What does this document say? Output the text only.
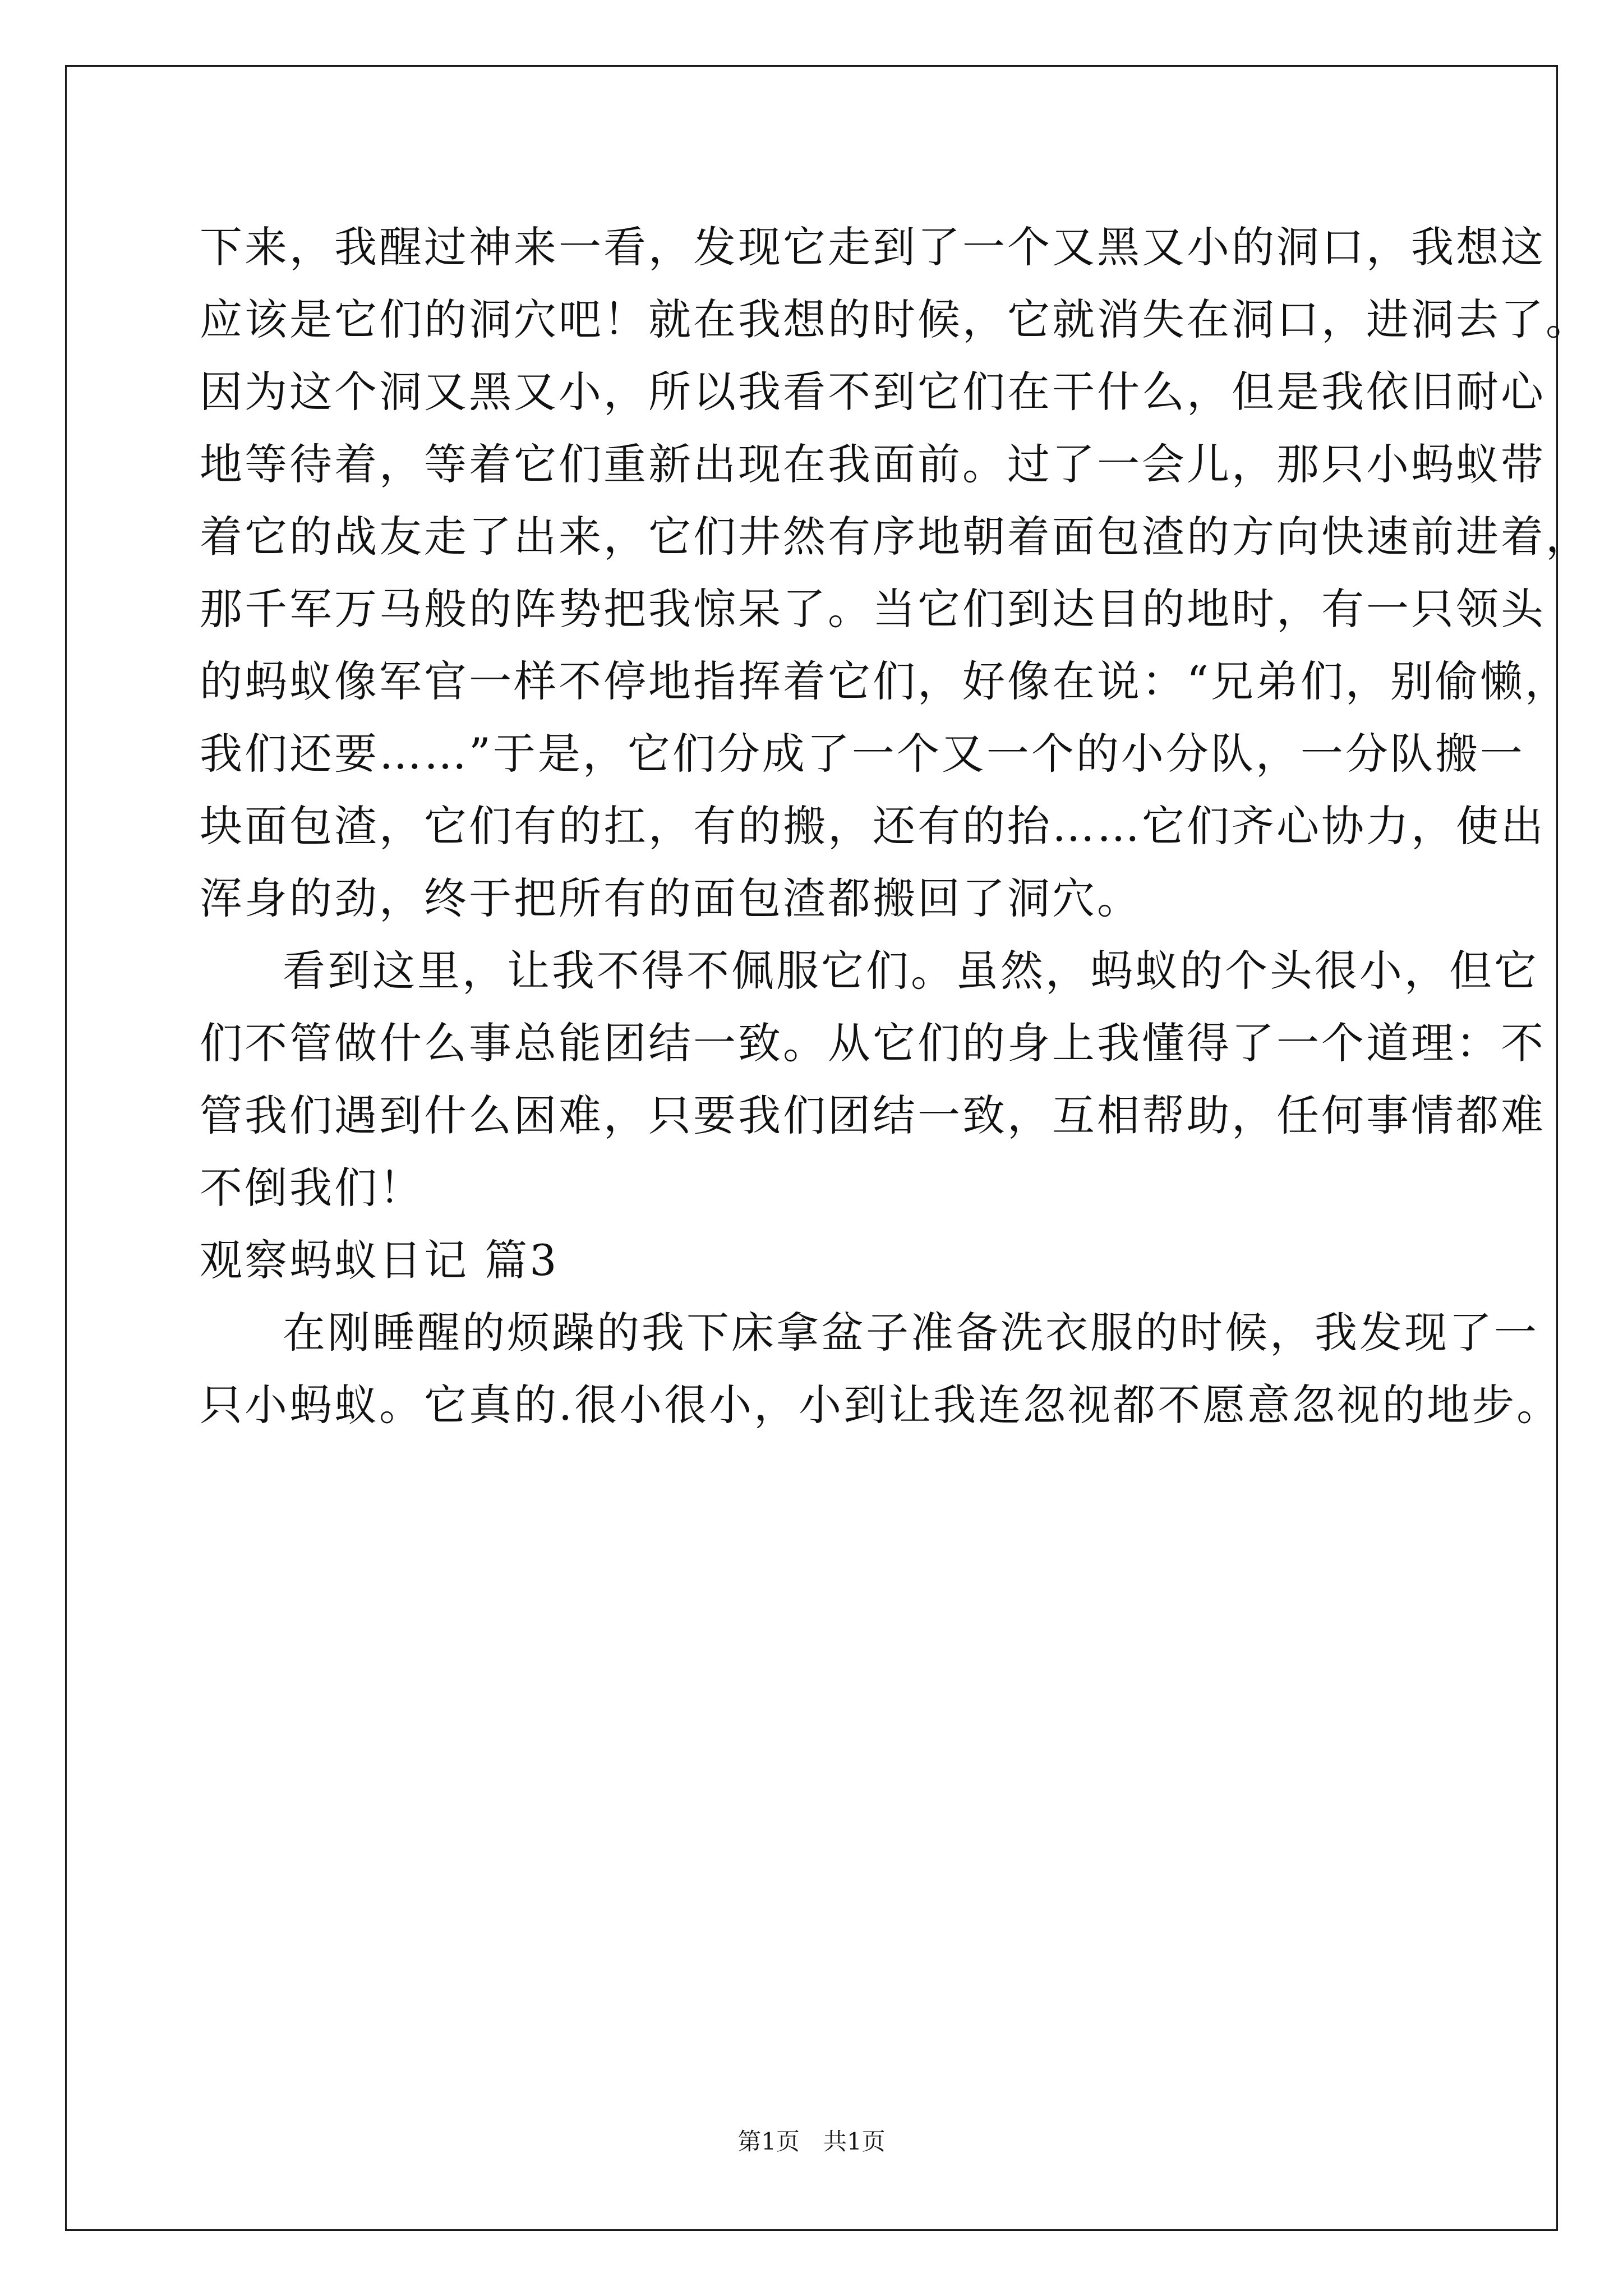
下来，我醒过神来一看，发现它走到了一个又黑又小的洞口，我想这
应该是它们的洞穴吧！就在我想的时候，它就消失在洞口，进洞去了。
因为这个洞又黑又小，所以我看不到它们在干什么，但是我依旧耐心
地等待着，等着它们重新出现在我面前。过了一会儿，那只小蚂蚁带
着它的战友走了出来，它们井然有序地朝着面包渣的方向快速前进着，
那千军万马般的阵势把我惊呆了。当它们到达目的地时，有一只领头
的蚂蚁像军官一样不停地指挥着它们，好像在说：“兄弟们，别偷懒，
我们还要……”于是，它们分成了一个又一个的小分队，一分队搬一
块面包渣，它们有的扛，有的搬，还有的抬……它们齐心协力，使出
浑身的劲，终于把所有的面包渣都搬回了洞穴。
看到这里，让我不得不佩服它们。虽然，蚂蚁的个头很小，但它
们不管做什么事总能团结一致。从它们的身上我懂得了一个道理：不
管我们遇到什么困难，只要我们团结一致，互相帮助，任何事情都难
不倒我们！
观察蚂蚁日记 篇3
在刚睡醒的烦躁的我下床拿盆子准备洗衣服的时候，我发现了一
只小蚂蚁。它真的.很小很小，小到让我连忽视都不愿意忽视的地步。
第1页　共1页
